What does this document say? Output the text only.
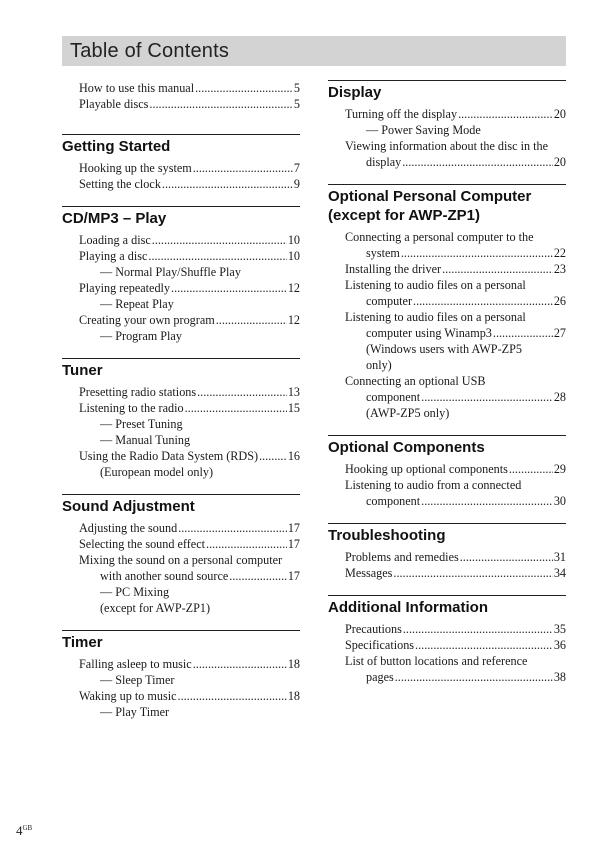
Table of Contents
How to use this manual .....	5
Playable discs .....	5
Getting Started
Hooking up the system .....	7
Setting the clock .....	9
CD/MP3 – Play
Loading a disc .....	10
Playing a disc .....	10
— Normal Play/Shuffle Play
Playing repeatedly .....	12
— Repeat Play
Creating your own program .....	12
— Program Play
Tuner
Presetting radio stations .....	13
Listening to the radio .....	15
— Preset Tuning
— Manual Tuning
Using the Radio Data System (RDS) ..... 16
(European model only)
Sound Adjustment
Adjusting the sound .....	17
Selecting the sound effect .....	17
Mixing the sound on a personal computer
with another sound source .....	17
— PC Mixing
(except for AWP-ZP1)
Timer
Falling asleep to music .....	18
— Sleep Timer
Waking up to music .....	18
— Play Timer
Display
Turning off the display .....	20
— Power Saving Mode
Viewing information about the disc in the
display .....	20
Optional Personal Computer (except for AWP-ZP1)
Connecting a personal computer to the
system .....	22
Installing the driver .....	23
Listening to audio files on a personal
computer .....	26
Listening to audio files on a personal
computer using Winamp3 .....	27
(Windows users with AWP-ZP5
only)
Connecting an optional USB
component .....	28
(AWP-ZP5 only)
Optional Components
Hooking up optional components .....	29
Listening to audio from a connected
component .....	30
Troubleshooting
Problems and remedies .....	31
Messages .....	34
Additional Information
Precautions .....	35
Specifications .....	36
List of button locations and reference
pages .....	38
$4^{GB}$
